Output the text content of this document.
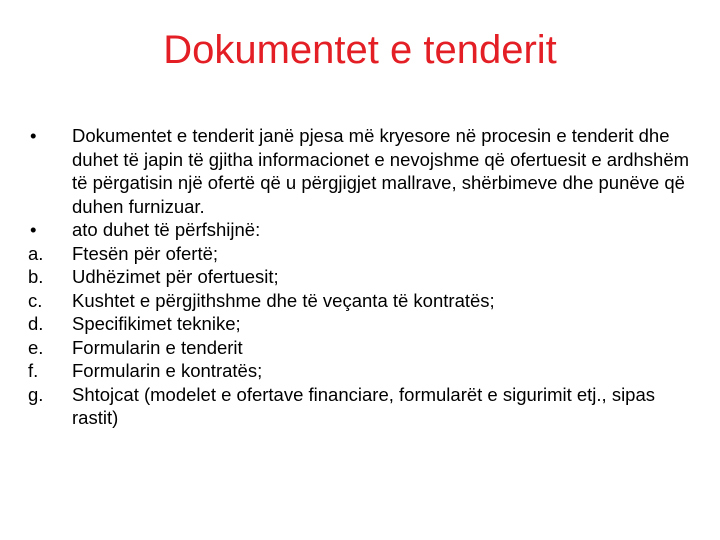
Dokumentet e tenderit
•	Dokumentet e tenderit janë pjesa më kryesore në procesin e tenderit dhe duhet të japin të gjitha informacionet e nevojshme që ofertuesit e ardhshëm të përgatisin një ofertë që u përgjigjet mallrave, shërbimeve dhe punëve që duhen furnizuar.
•	ato duhet të përfshijnë:
a.	Ftesën për ofertë;
b.	Udhëzimet për ofertuesit;
c.	Kushtet e përgjithshme dhe të veçanta të kontratës;
d.	Specifikimet teknike;
e.	Formularin e tenderit
f.	Formularin e kontratës;
g.	Shtojcat (modelet e ofertave financiare, formularët e sigurimit etj., sipas rastit)
